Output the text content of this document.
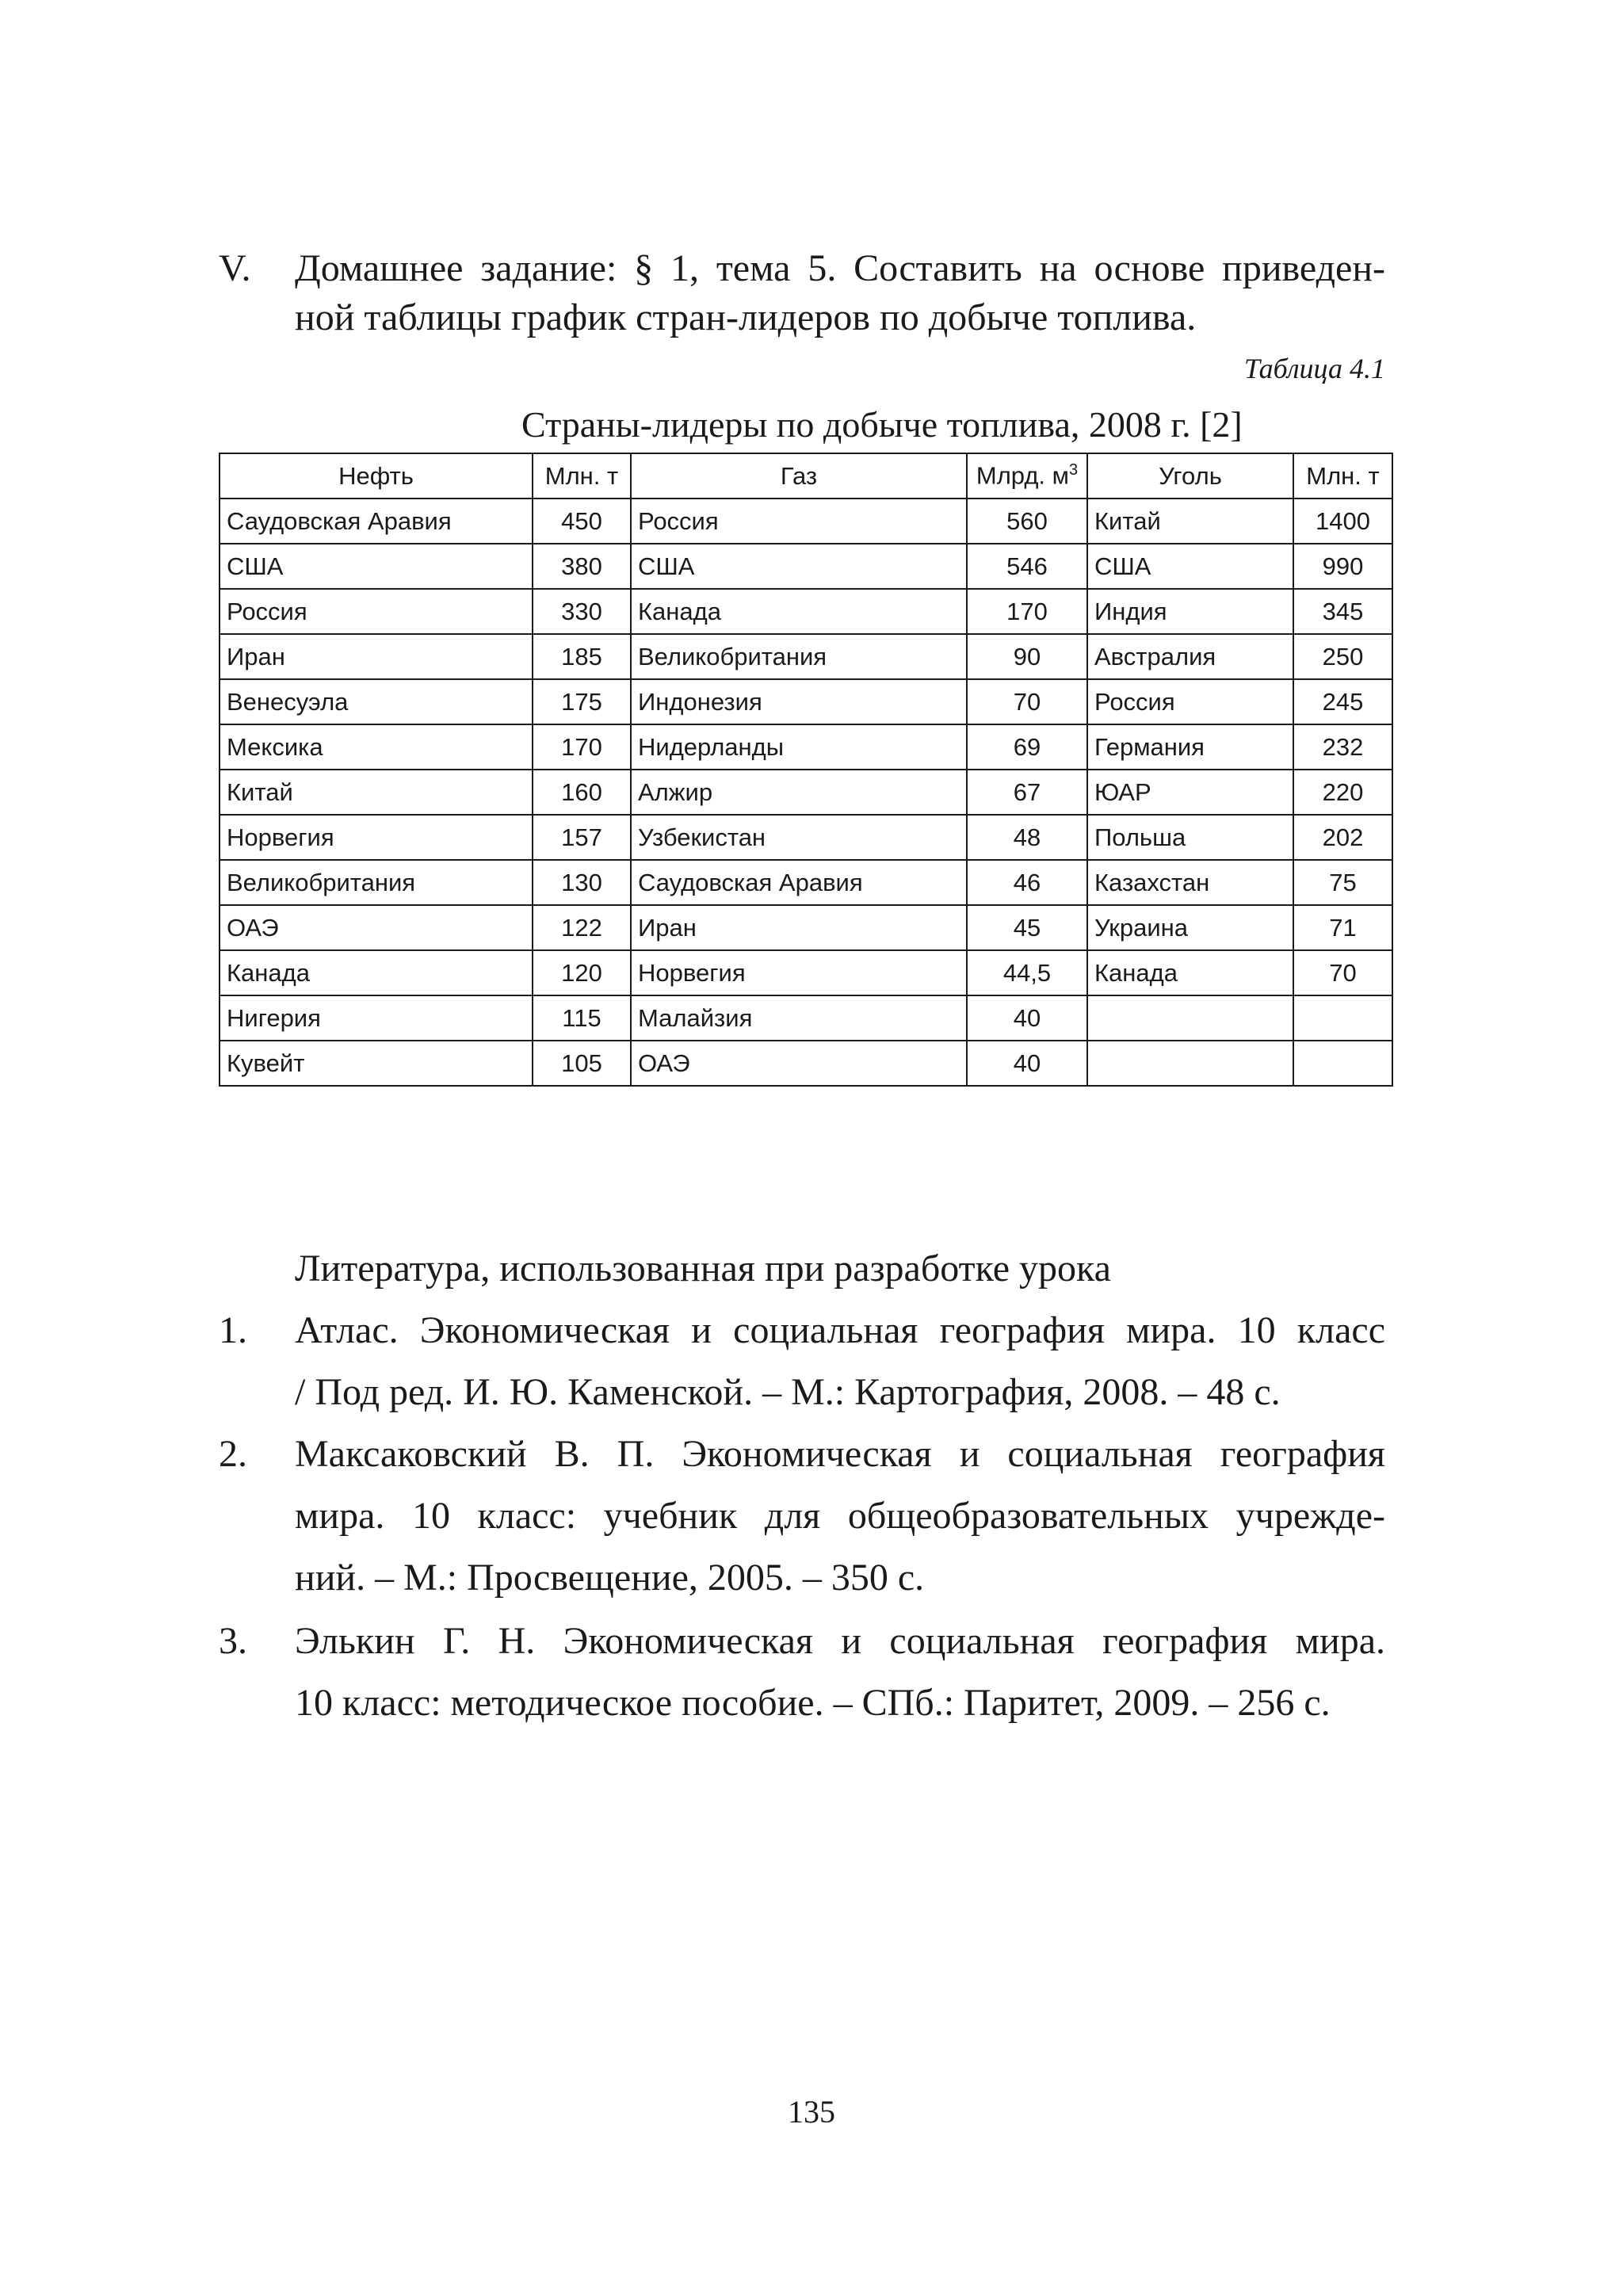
V. Домашнее задание: § 1, тема 5. Составить на основе приведен-
ной таблицы график стран-лидеров по добыче топлива.
Таблица 4.1
Страны-лидеры по добыче топлива, 2008 г. [2]
Нефть	Млн. т	Газ	Млрд. $м^3$	Уголь	Млн. т
Саудовская Аравия	450	Россия	560	Китай	1400
США	380	США	546	США	990
Россия	330	Канада	170	Индия	345
Иран	185	Великобритания	90	Австралия	250
Венесуэла	175	Индонезия	70	Россия	245
Мексика	170	Нидерланды	69	Германия	232
Китай	160	Алжир	67	ЮАР	220
Норвегия	157	Узбекистан	48	Польша	202
Великобритания	130	Саудовская Аравия	46	Казахстан	75
ОАЭ	122	Иран	45	Украина	71
Канада	120	Норвегия	44,5	Канада	70
Нигерия	115	Малайзия	40		
Кувейт	105	ОАЭ	40		
Литература, использованная при разработке урока
1. Атлас. Экономическая и социальная география мира. 10 класс
/ Под ред. И. Ю. Каменской. – М.: Картография, 2008. – 48 с.
2. Максаковский В. П. Экономическая и социальная география
мира. 10 класс: учебник для общеобразовательных учрежде-
ний. – М.: Просвещение, 2005. – 350 с.
3. Элькин Г. Н. Экономическая и социальная география мира.
10 класс: методическое пособие. – СПб.: Паритет, 2009. – 256 с.
135
